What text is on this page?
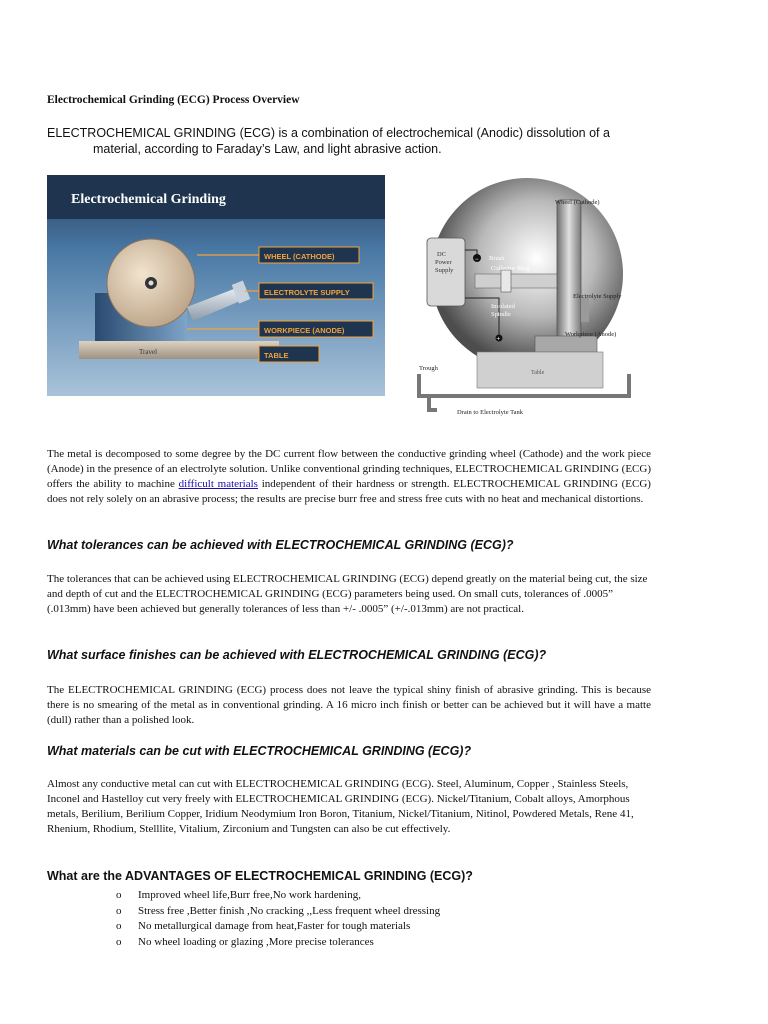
Electrochemical Grinding (ECG) Process Overview
ELECTROCHEMICAL GRINDING (ECG) is a combination of electrochemical (Anodic) dissolution of a
material, according to Faraday’s Law, and light abrasive action.
Electrochemical Grinding
Travel
WHEEL (CATHODE)
ELECTROLYTE SUPPLY
WORKPIECE (ANODE)
TABLE
DC
Power
Supply
−
+
Table
Wheel (Cathode)
Brush
Collector Ring
Insulated
Spindle
Electrolyte Supply
Workpiece (Anode)
Trough
Drain to Electrolyte Tank
The metal is decomposed to some degree by the DC current flow between the conductive grinding wheel (Cathode) and the work piece (Anode) in the presence of an electrolyte solution. Unlike conventional grinding techniques, ELECTROCHEMICAL GRINDING (ECG) offers the ability to machine difficult materials independent of their hardness or strength. ELECTROCHEMICAL GRINDING (ECG) does not rely solely on an abrasive process; the results are precise burr free and stress free cuts with no heat and mechanical distortions.
What tolerances can be achieved with ELECTROCHEMICAL GRINDING (ECG)?
The tolerances that can be achieved using ELECTROCHEMICAL GRINDING (ECG) depend greatly on the material being cut, the size and depth of cut and the ELECTROCHEMICAL GRINDING (ECG) parameters being used. On small cuts, tolerances of .0005” (.013mm) have been achieved but generally tolerances of less than +/- .0005” (+/-.013mm) are not practical.
What surface finishes can be achieved with ELECTROCHEMICAL GRINDING (ECG)?
The ELECTROCHEMICAL GRINDING (ECG) process does not leave the typical shiny finish of abrasive grinding. This is because there is no smearing of the metal as in conventional grinding. A 16 micro inch finish or better can be achieved but it will have a matte (dull) rather than a polished look.
What materials can be cut with ELECTROCHEMICAL GRINDING (ECG)?
Almost any conductive metal can cut with ELECTROCHEMICAL GRINDING (ECG). Steel, Aluminum, Copper , Stainless Steels, Inconel and Hastelloy cut very freely with ELECTROCHEMICAL GRINDING (ECG). Nickel/Titanium, Cobalt alloys, Amorphous metals, Berilium, Berilium Copper, Iridium Neodymium Iron Boron, Titanium, Nickel/Titanium, Nitinol, Powdered Metals, Rene 41, Rhenium, Rhodium, Stelllite, Vitalium, Zirconium and Tungsten can also be cut effectively.
What are the ADVANTAGES OF ELECTROCHEMICAL GRINDING (ECG)?
o Improved wheel life,Burr free,No work hardening,
o Stress free ,Better finish ,No cracking ,,Less frequent wheel dressing
o No metallurgical damage from heat,Faster for tough materials
o No wheel loading or glazing ,More precise tolerances
